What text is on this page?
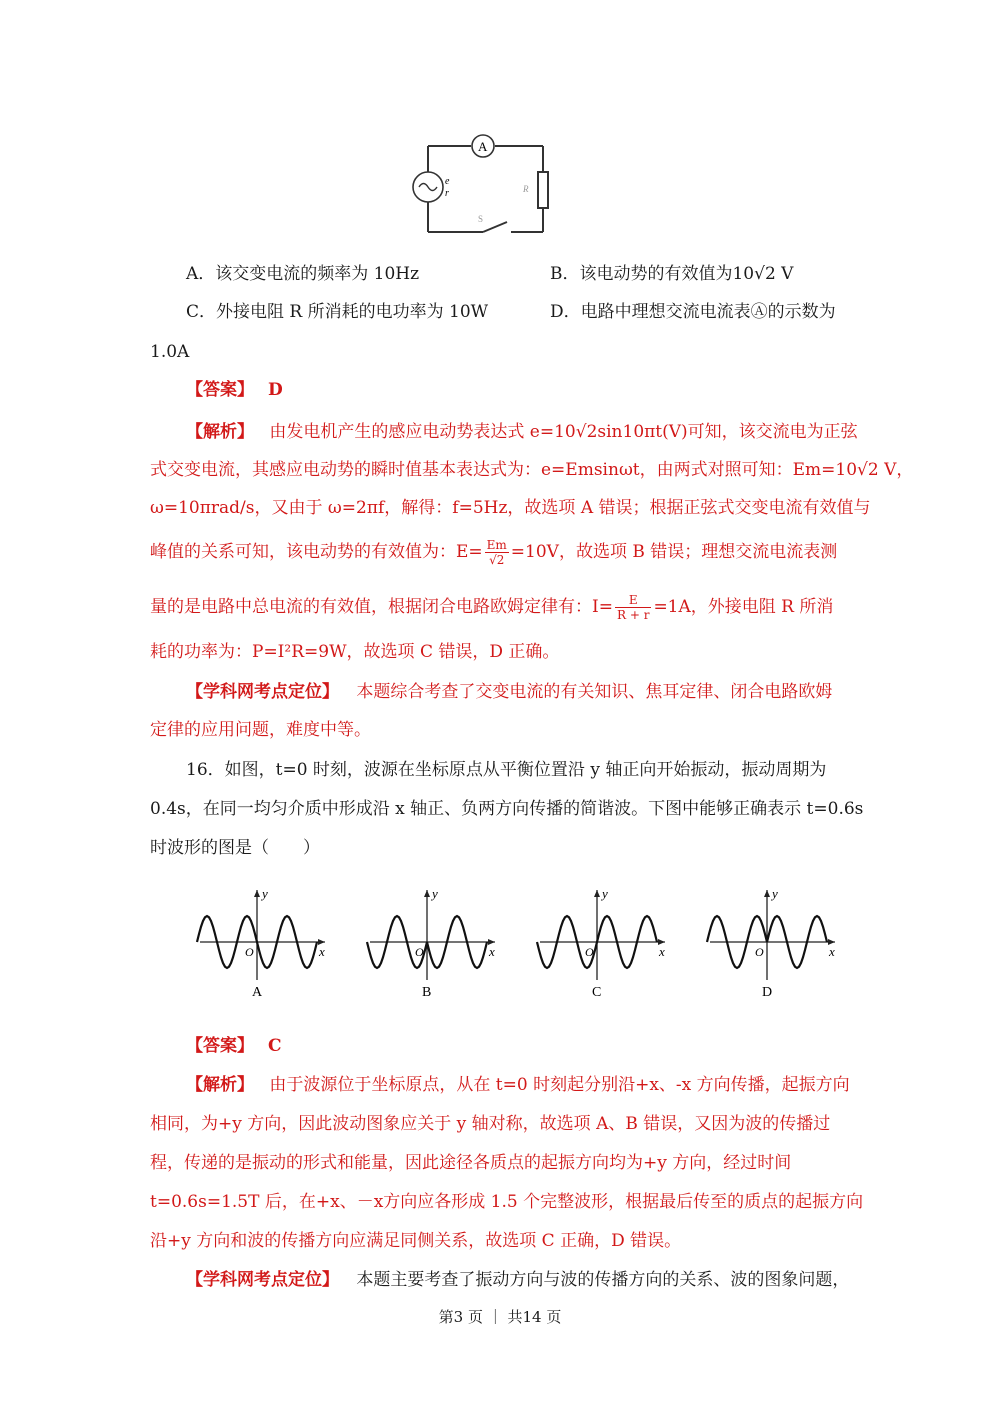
A
e
r	R
S
A．该交变电流的频率为 10Hz	B．该电动势的有效值为10√2 V
C．外接电阻 R 所消耗的电功率为 10W	D．电路中理想交流电流表Ⓐ的示数为
1.0A
【答案】 D
【解析】 由发电机产生的感应电动势表达式 e=10√2sin10πt(V)可知，该交流电为正弦
式交变电流，其感应电动势的瞬时值基本表达式为：e=Emsinωt，由两式对照可知：Em=10√2 V，
ω=10πrad/s，又由于 ω=2πf，解得：f=5Hz，故选项 A 错误；根据正弦式交变电流有效值与
峰值的关系可知，该电动势的有效值为：$E= \frac{Em}{√2} =10V$，故选项 B 错误；理想交流电流表测
量的是电路中总电流的有效值，根据闭合电路欧姆定律有：$I= \frac{E}{R + r} =1A$，外接电阻 R 所消
耗的功率为：P=I²R=9W，故选项 C 错误，D 正确。
【学科网考点定位】 本题综合考查了交变电流的有关知识、焦耳定律、闭合电路欧姆
定律的应用问题，难度中等。
16．如图，t=0 时刻，波源在坐标原点从平衡位置沿 y 轴正向开始振动，振动周期为
0.4s，在同一均匀介质中形成沿 x 轴正、负两方向传播的简谐波。下图中能够正确表示 t=0.6s
时波形的图是（　　）
y
x
O
A
y
x
O
B
y
x
O
C
y
x
O
D
【答案】 C
【解析】 由于波源位于坐标原点，从在 t=0 时刻起分别沿+x、-x 方向传播，起振方向
相同，为+y 方向，因此波动图象应关于 y 轴对称，故选项 A、B 错误，又因为波的传播过
程，传递的是振动的形式和能量，因此途径各质点的起振方向均为+y 方向，经过时间
t=0.6s=1.5T 后，在+x、－x方向应各形成 1.5 个完整波形，根据最后传至的质点的起振方向
沿+y 方向和波的传播方向应满足同侧关系，故选项 C 正确，D 错误。
【学科网考点定位】 本题主要考查了振动方向与波的传播方向的关系、波的图象问题，
第3 页 ｜ 共14 页
